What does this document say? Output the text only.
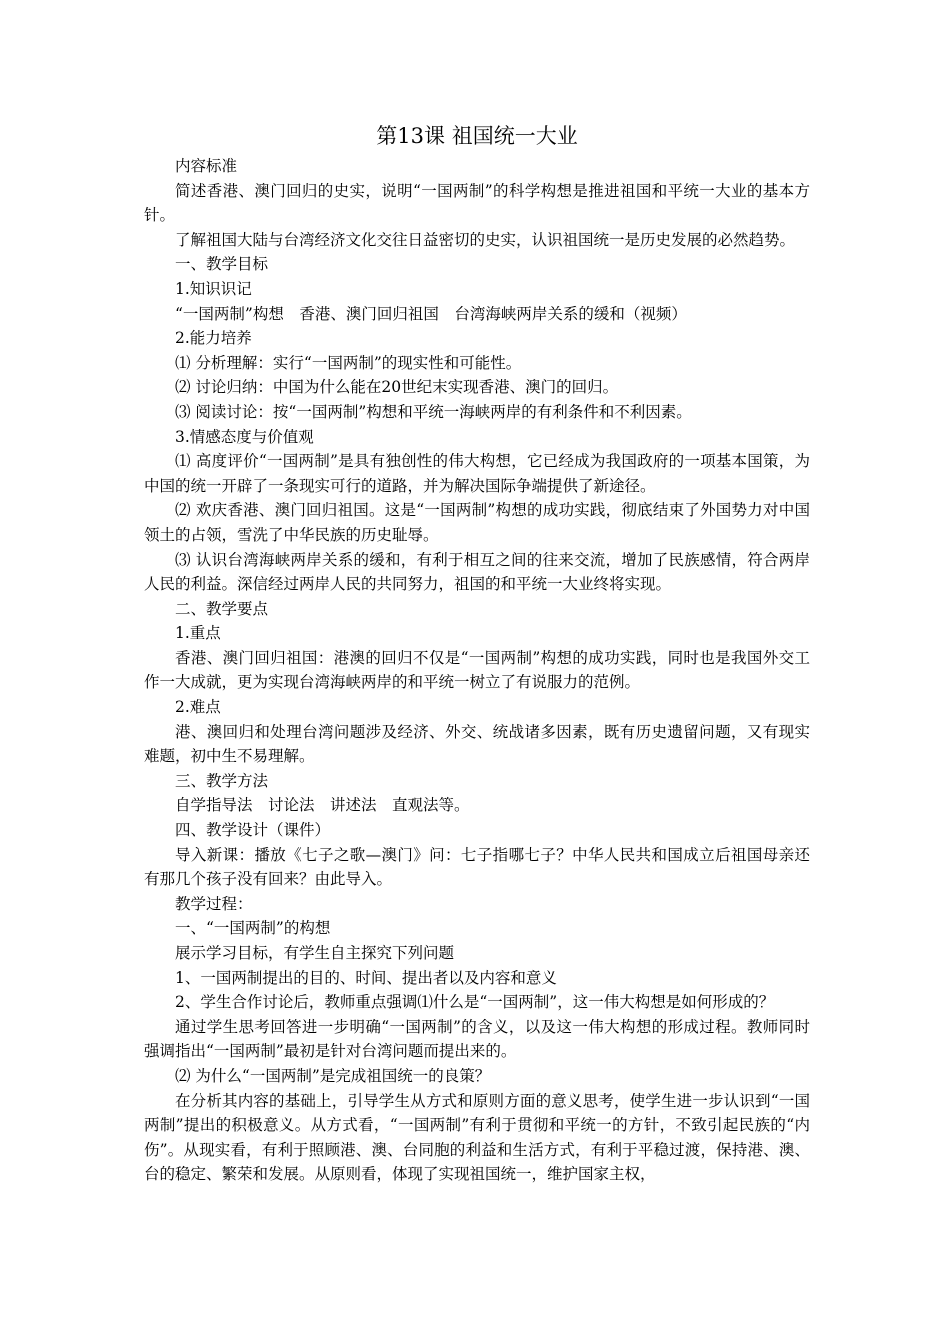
第13课 祖国统一大业

内容标准

简述香港、澳门回归的史实，说明“一国两制”的科学构想是推进祖国和平统一大业的基本方针。

了解祖国大陆与台湾经济文化交往日益密切的史实，认识祖国统一是历史发展的必然趋势。

一、教学目标

1.知识识记

“一国两制”构想　香港、澳门回归祖国　台湾海峡两岸关系的缓和（视频）

2.能力培养

⑴ 分析理解：实行“一国两制”的现实性和可能性。

⑵ 讨论归纳：中国为什么能在20世纪末实现香港、澳门的回归。

⑶ 阅读讨论：按“一国两制”构想和平统一海峡两岸的有利条件和不利因素。

3.情感态度与价值观

⑴ 高度评价“一国两制”是具有独创性的伟大构想，它已经成为我国政府的一项基本国策，为中国的统一开辟了一条现实可行的道路，并为解决国际争端提供了新途径。

⑵ 欢庆香港、澳门回归祖国。这是“一国两制”构想的成功实践，彻底结束了外国势力对中国领土的占领，雪洗了中华民族的历史耻辱。

⑶ 认识台湾海峡两岸关系的缓和，有利于相互之间的往来交流，增加了民族感情，符合两岸人民的利益。深信经过两岸人民的共同努力，祖国的和平统一大业终将实现。

二、教学要点

1.重点

香港、澳门回归祖国：港澳的回归不仅是“一国两制”构想的成功实践，同时也是我国外交工作一大成就，更为实现台湾海峡两岸的和平统一树立了有说服力的范例。

2.难点

港、澳回归和处理台湾问题涉及经济、外交、统战诸多因素，既有历史遗留问题，又有现实难题，初中生不易理解。

三、教学方法

自学指导法　讨论法　讲述法　直观法等。

四、教学设计（课件）

导入新课：播放《七子之歌—澳门》问：七子指哪七子？中华人民共和国成立后祖国母亲还有那几个孩子没有回来？由此导入。

教学过程：

一、“一国两制”的构想

展示学习目标，有学生自主探究下列问题

1、一国两制提出的目的、时间、提出者以及内容和意义

2、学生合作讨论后，教师重点强调⑴什么是“一国两制”，这一伟大构想是如何形成的？

通过学生思考回答进一步明确“一国两制”的含义，以及这一伟大构想的形成过程。教师同时强调指出“一国两制”最初是针对台湾问题而提出来的。

⑵ 为什么“一国两制”是完成祖国统一的良策？

在分析其内容的基础上，引导学生从方式和原则方面的意义思考，使学生进一步认识到“一国两制”提出的积极意义。从方式看，“一国两制”有利于贯彻和平统一的方针，不致引起民族的“内伤”。从现实看，有利于照顾港、澳、台同胞的利益和生活方式，有利于平稳过渡，保持港、澳、台的稳定、繁荣和发展。从原则看，体现了实现祖国统一，维护国家主权，
